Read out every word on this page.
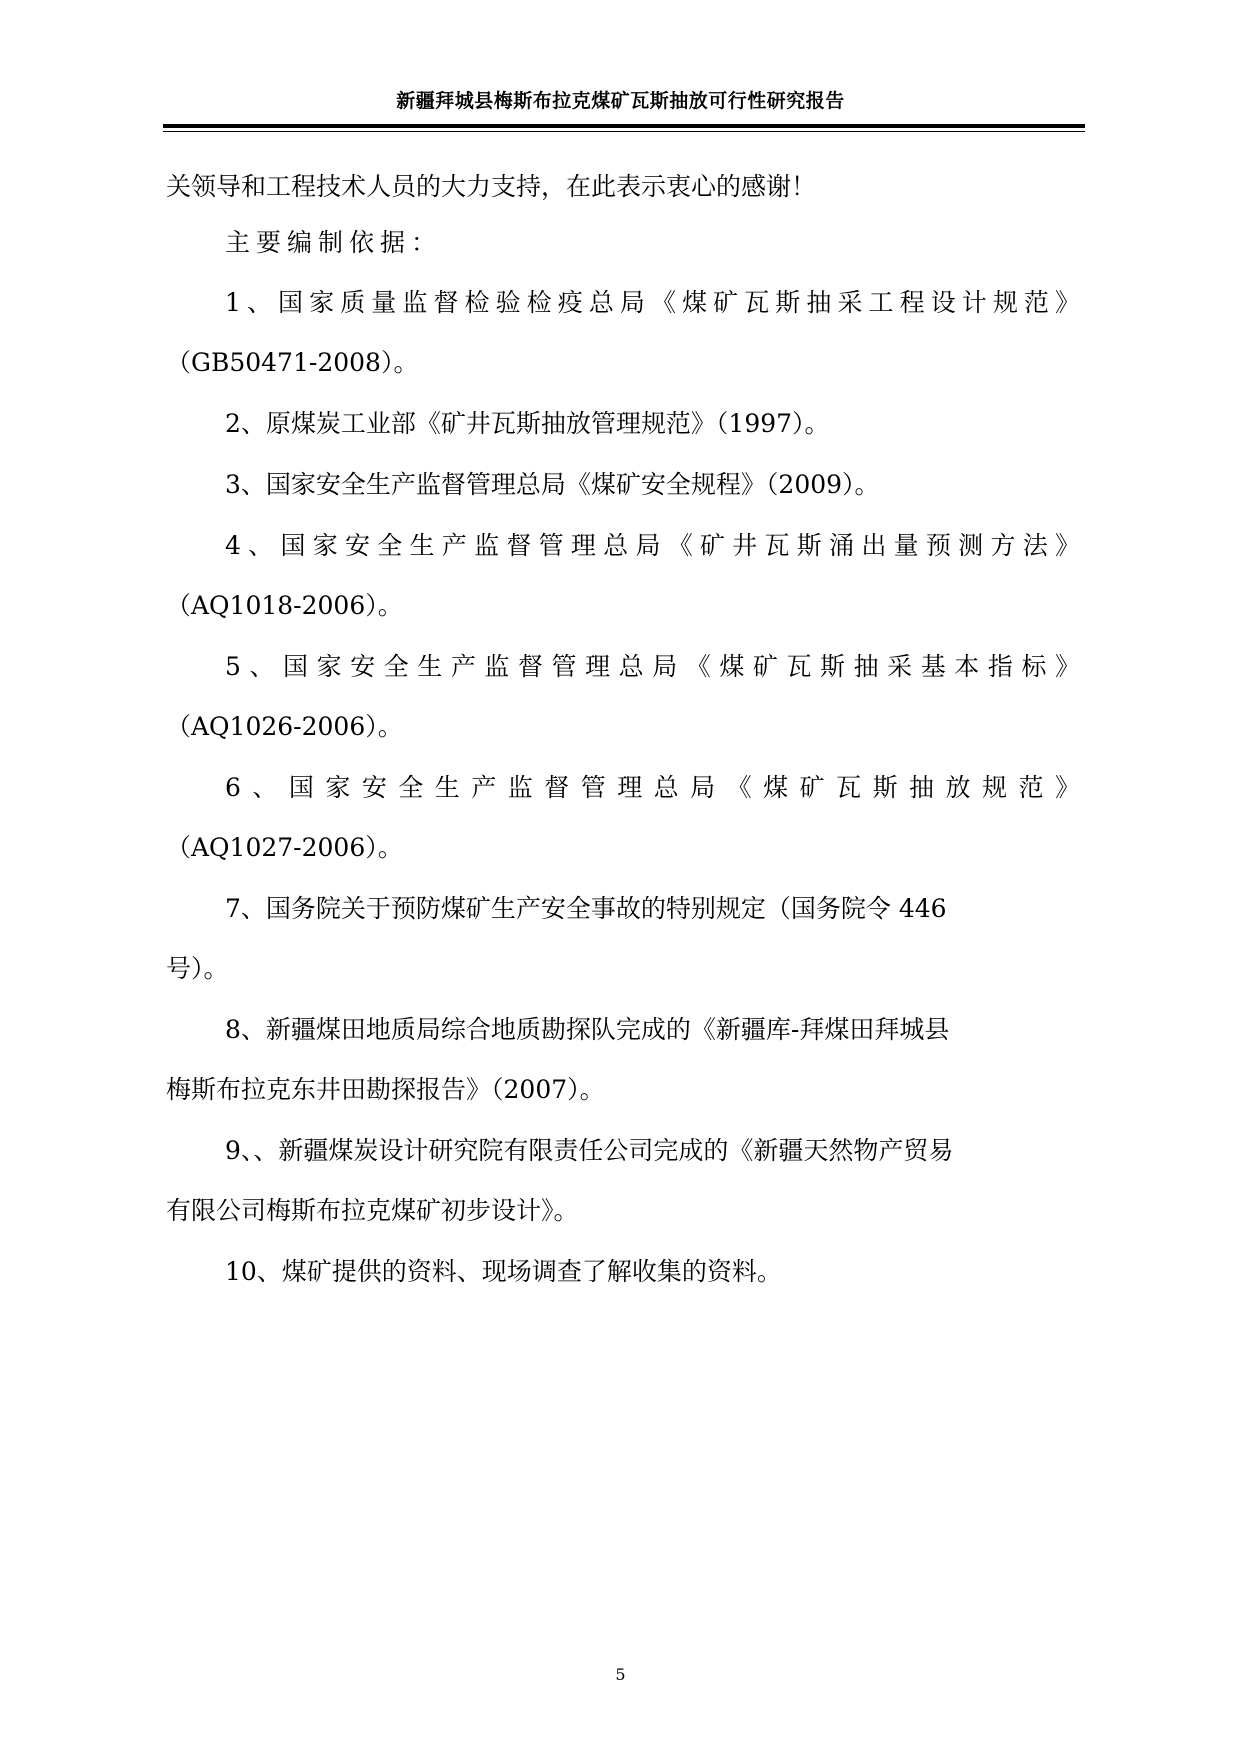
新疆拜城县梅斯布拉克煤矿瓦斯抽放可行性研究报告
关领导和工程技术人员的大力支持，在此表示衷心的感谢！
主要编制依据：
1、国家质量监督检验检疫总局《煤矿瓦斯抽采工程设计规范》
（GB50471-2008）。
2、原煤炭工业部《矿井瓦斯抽放管理规范》（1997）。
3、国家安全生产监督管理总局《煤矿安全规程》（2009）。
4、国家安全生产监督管理总局《矿井瓦斯涌出量预测方法》
（AQ1018-2006）。
5、国家安全生产监督管理总局《煤矿瓦斯抽采基本指标》
（AQ1026-2006）。
6、国家安全生产监督管理总局《煤矿瓦斯抽放规范》
（AQ1027-2006）。
7、国务院关于预防煤矿生产安全事故的特别规定（国务院令 446
号）。
8、新疆煤田地质局综合地质勘探队完成的《新疆库-拜煤田拜城县
梅斯布拉克东井田勘探报告》（2007）。
9、、新疆煤炭设计研究院有限责任公司完成的《新疆天然物产贸易
有限公司梅斯布拉克煤矿初步设计》。
10、煤矿提供的资料、现场调查了解收集的资料。
5
